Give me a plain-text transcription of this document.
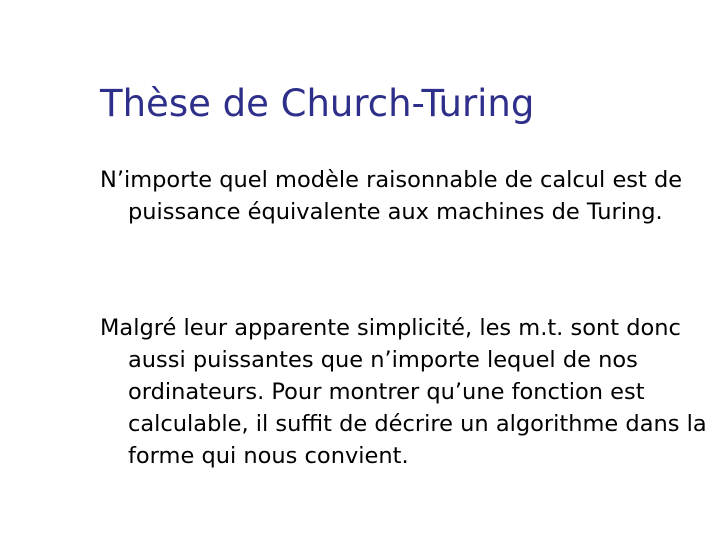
Thèse de Church-Turing

N’importe quel modèle raisonnable de calcul est de puissance équivalente aux machines de Turing.

Malgré leur apparente simplicité, les m.t. sont donc aussi puissantes que n’importe lequel de nos ordinateurs. Pour montrer qu’une fonction est calculable, il suffit de décrire un algorithme dans la forme qui nous convient.
